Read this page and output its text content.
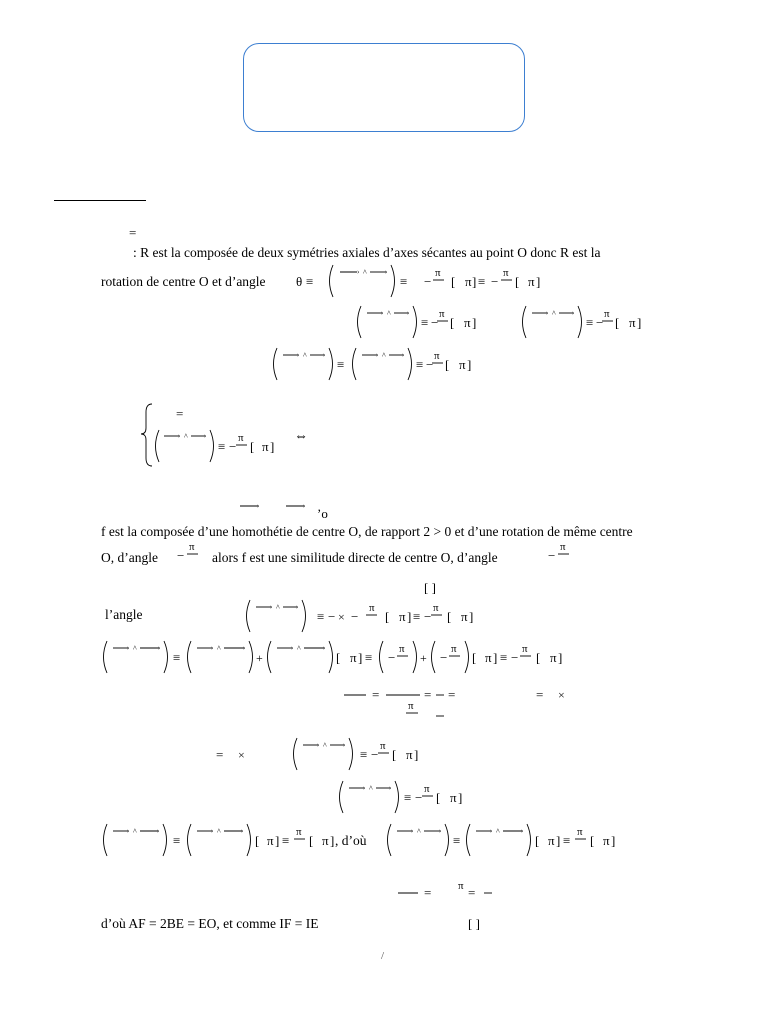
=
: R est la composée de deux symétries axiales d’axes sécantes au point O donc R est la
rotation de centre O et d’angle θ ≡
› ^	›
≡ −
π
[ π ] ≡ −
π
[ π ]
› ^ ›
≡ −
π
[ π ]
› ^ ›
≡ −
π
[ π ]
› ^ ›
≡
› ^ ›
≡ −
π
[ π ]
=
› ^ ›
≡ −
π
[ π ]
⇔
›	› ’o
f est la composée d’une homothétie de centre O, de rapport 2 > 0 et d’une rotation de même centre
O, d’angle −
π
alors f est une similitude directe de centre O, d’angle	−
π
[ ]
l’angle	› ^ ›
≡ − × −
π
[ π ] ≡ −
π
[ π ]
› ^	›
≡
› ^	›
+
› ^	›
[ π ] ≡ −
π
+ −
π
[ π ] ≡ −
π
[ π ]
=
π
= =	= ×
= ×
› ^ ›
≡ −
π
[ π ]
› ^ ›
≡ −
π
[ π ]
› ^	›
≡
› ^	›
[ π ] ≡
π
[ π ] , d’où
› ^	›
≡
› ^	›
[ π ] ≡
π
[ π ]
= π =
d’où AF = 2BE = EO, et comme IF = IE	[ ]
/
